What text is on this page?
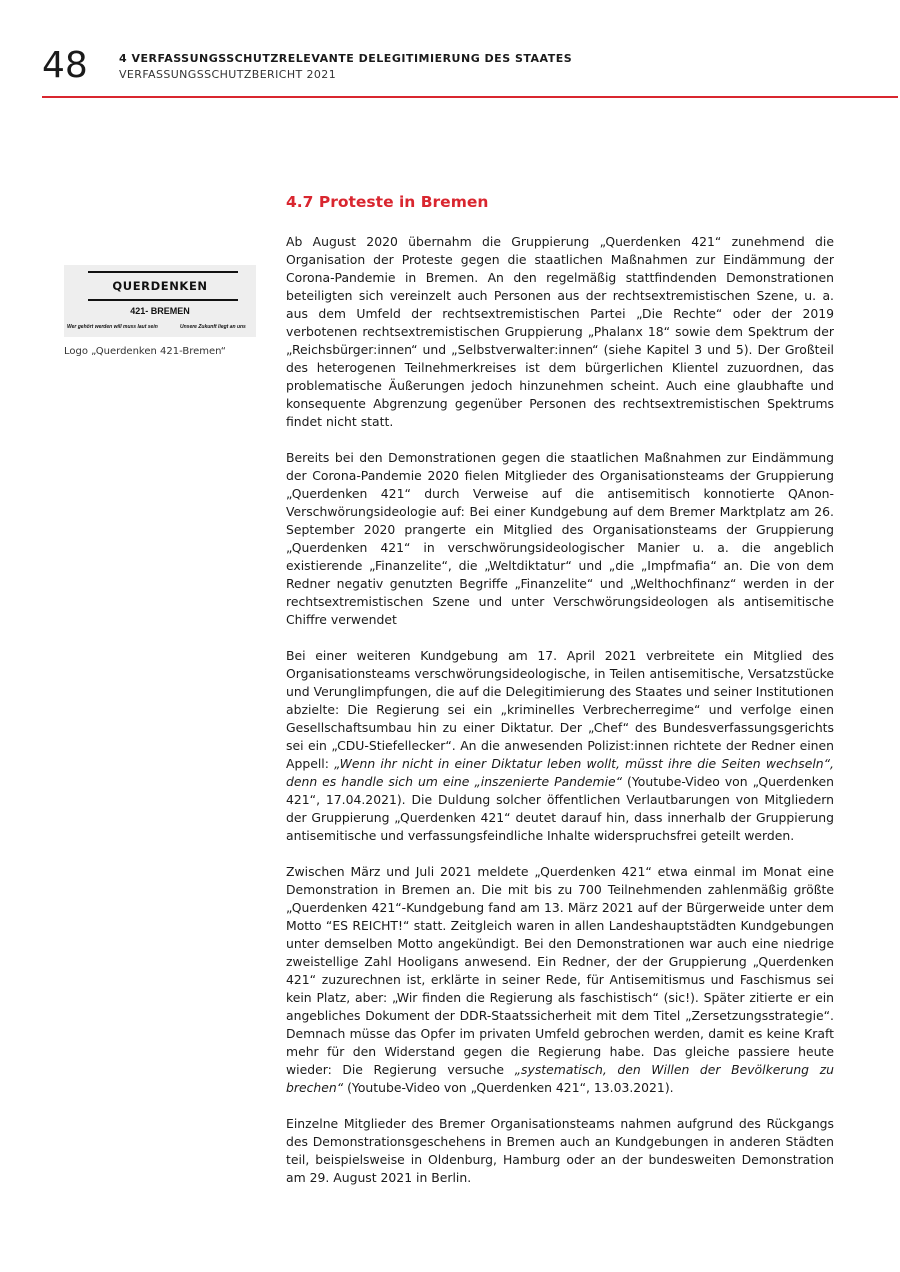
48	4 VERFASSUNGSSCHUTZRELEVANTE DELEGITIMIERUNG DES STAATES
VERFASSUNGSSCHUTZBERICHT 2021
QUERDENKEN
421- BREMEN
Wer gehört werden will muss laut sein	Unsere Zukunft liegt an uns
Logo „Querdenken 421-Bremen“
4.7 Proteste in Bremen

Ab August 2020 übernahm die Gruppierung „Querdenken 421“ zunehmend die Organisation der Proteste gegen die staatlichen Maßnahmen zur Eindämmung der Corona-Pandemie in Bremen. An den regelmäßig stattfindenden Demonstrationen beteiligten sich vereinzelt auch Personen aus der rechtsextremistischen Szene, u. a. aus dem Umfeld der rechtsextremistischen Partei „Die Rechte“ oder der 2019 verbotenen rechtsextremistischen Gruppierung „Phalanx 18“ sowie dem Spektrum der „Reichsbürger:innen“ und „Selbstverwalter:innen“ (siehe Kapitel 3 und 5). Der Großteil des heterogenen Teilnehmerkreises ist dem bürgerlichen Klientel zuzuordnen, das problematische Äußerungen jedoch hinzunehmen scheint. Auch eine glaubhafte und konsequente Abgrenzung gegenüber Personen des rechtsextremistischen Spektrums findet nicht statt.

Bereits bei den Demonstrationen gegen die staatlichen Maßnahmen zur Eindämmung der Corona-Pandemie 2020 fielen Mitglieder des Organisationsteams der Gruppierung „Querdenken 421“ durch Verweise auf die antisemitisch konnotierte QAnon-Verschwörungsideologie auf: Bei einer Kundgebung auf dem Bremer Marktplatz am 26. September 2020 prangerte ein Mitglied des Organisationsteams der Gruppierung „Querdenken 421“ in verschwörungsideologischer Manier u. a. die angeblich existierende „Finanzelite“, die „Weltdiktatur“ und „die „Impfmafia“ an. Die von dem Redner negativ genutzten Begriffe „Finanzelite“ und „Welthochfinanz“ werden in der rechtsextremistischen Szene und unter Verschwörungsideologen als antisemitische Chiffre verwendet

Bei einer weiteren Kundgebung am 17. April 2021 verbreitete ein Mitglied des Organisationsteams verschwörungsideologische, in Teilen antisemitische, Versatzstücke und Verunglimpfungen, die auf die Delegitimierung des Staates und seiner Institutionen abzielte: Die Regierung sei ein „kriminelles Verbrecherregime“ und verfolge einen Gesellschaftsumbau hin zu einer Diktatur. Der „Chef“ des Bundesverfassungsgerichts sei ein „CDU-Stiefellecker“. An die anwesenden Polizist:innen richtete der Redner einen Appell: „Wenn ihr nicht in einer Diktatur leben wollt, müsst ihre die Seiten wechseln“, denn es handle sich um eine „inszenierte Pandemie“ (Youtube-Video von „Querdenken 421“, 17.04.2021). Die Duldung solcher öffentlichen Verlautbarungen von Mitgliedern der Gruppierung „Querdenken 421“ deutet darauf hin, dass innerhalb der Gruppierung antisemitische und verfassungsfeindliche Inhalte widerspruchsfrei geteilt werden.

Zwischen März und Juli 2021 meldete „Querdenken 421“ etwa einmal im Monat eine Demonstration in Bremen an. Die mit bis zu 700 Teilnehmenden zahlenmäßig größte „Querdenken 421“-Kundgebung fand am 13. März 2021 auf der Bürgerweide unter dem Motto “ES REICHT!“ statt. Zeitgleich waren in allen Landeshauptstädten Kundgebungen unter demselben Motto angekündigt. Bei den Demonstrationen war auch eine niedrige zweistellige Zahl Hooligans anwesend. Ein Redner, der der Gruppierung „Querdenken 421“ zuzurechnen ist, erklärte in seiner Rede, für Antisemitismus und Faschismus sei kein Platz, aber: „Wir finden die Regierung als faschistisch“ (sic!). Später zitierte er ein angebliches Dokument der DDR-Staatssicherheit mit dem Titel „Zersetzungsstrategie“. Demnach müsse das Opfer im privaten Umfeld gebrochen werden, damit es keine Kraft mehr für den Widerstand gegen die Regierung habe. Das gleiche passiere heute wieder: Die Regierung versuche „systematisch, den Willen der Bevölkerung zu brechen“ (Youtube-Video von „Querdenken 421“, 13.03.2021).

Einzelne Mitglieder des Bremer Organisationsteams nahmen aufgrund des Rückgangs des Demonstrationsgeschehens in Bremen auch an Kundgebungen in anderen Städten teil, beispielsweise in Oldenburg, Hamburg oder an der bundesweiten Demonstration am 29. August 2021 in Berlin.
